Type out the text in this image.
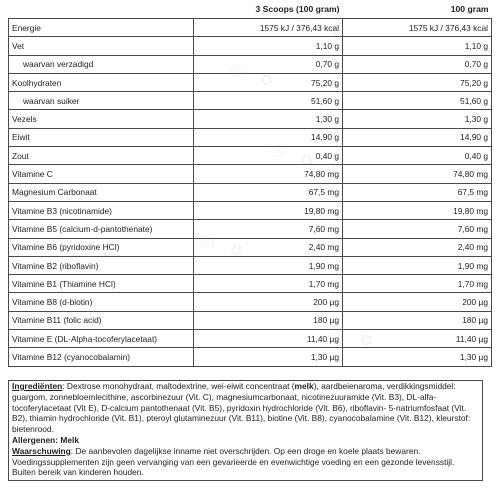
	3 Scoops (100 gram)	100 gram
Energie	1575 kJ / 376,43 kcal	1575 kJ / 376,43 kcal
Vet	1,10 g	1,10 g
waarvan verzadigd	0,70 g	0,70 g
Koolhydraten	75,20 g	75,20 g
waarvan suiker	51,60 g	51,60 g
Vezels	1,30 g	1,30 g
Eiwit	14,90 g	14,90 g
Zout	0,40 g	0,40 g
Vitamine C	74,80 mg	74,80 mg
Magnesium Carbonaat	67,5 mg	67,5 mg
Vitamine B3 (nicotinamide)	19,80 mg	19,80 mg
Vitamine B5 (calcium-d-pantothenate)	7,60 mg	7,60 mg
Vitamine B6 (pyridoxine HCl)	2,40 mg	2,40 mg
Vitamine B2 (riboflavin)	1,90 mg	1,90 mg
Vitamine B1 (Thiamine HCl)	1,70 mg	1,70 mg
Vitamine B8 (d-biotin)	200 µg	200 µg
Vitamine B11 (folic acid)	180 µg	180 µg
Vitamine E (DL-Alpha-tocoferylacetaat)	11,40 µg	11,40 µg
Vitamine B12 (cyanocobalamin)	1,30 µg	1,30 µg

Ingrediënten: Dextrose monohydraat, maltodextrine, wei-eiwit concentraat (melk), aardbeienaroma, verdikkingsmiddel: guargom, zonnebloemlecithine, ascorbinezuur (Vit. C), magnesiumcarbonaat, nicotinezuuramide (Vit. B3), DL-alfa-tocoferylacetaat (Vit E), D-calcium pantothenaat (Vit. B5), pyridoxin hydrochloride (Vit. B6), riboflavin- 5-natriumfosfaat (Vit. B2), thiamin hydrochloride (Vit. B1), pteroyl glutaminezuur (Vit. B11), biotine (Vit. B8), cyanocobalamine (Vit. B12), kleurstof: bietenrood.

Allergenen: Melk

Waarschuwing: De aanbevolen dagelijkse inname niet overschrijden. Op een droge en koele plaats bewaren. Voedingssupplementen zijn geen vervanging van een gevarieerde en evenwichtige voeding en een gezonde levensstijl. Buiten bereik van kinderen houden.
